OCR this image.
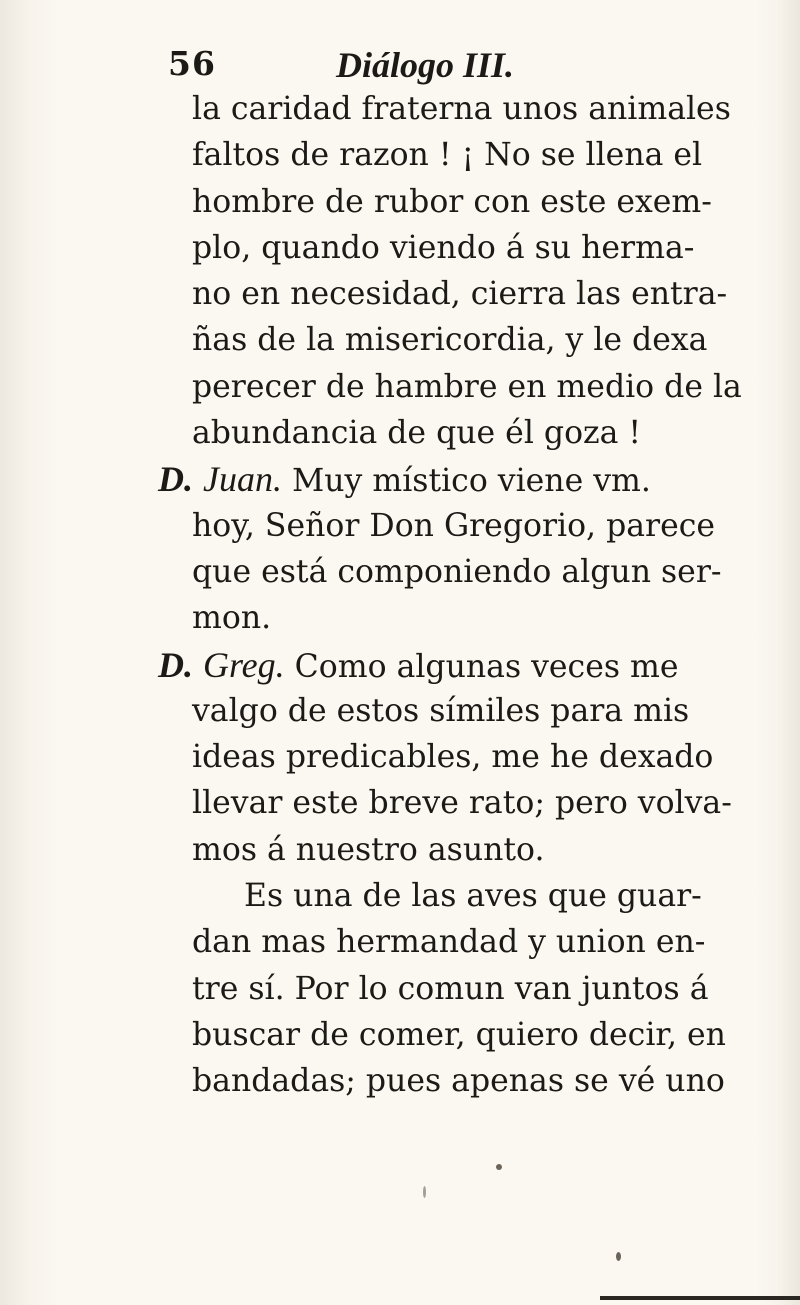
56	Diálogo III.
la caridad fraterna unos animales
faltos de razon ! ¡ No se llena el
hombre de rubor con este exem-
plo, quando viendo á su herma-
no en necesidad, cierra las entra-
ñas de la misericordia, y le dexa
perecer de hambre en medio de la
abundancia de que él goza !
D. Juan. Muy místico viene vm.
hoy, Señor Don Gregorio, parece
que está componiendo algun ser-
mon.
D. Greg. Como algunas veces me
valgo de estos símiles para mis
ideas predicables, me he dexado
llevar este breve rato; pero volva-
mos á nuestro asunto.
Es una de las aves que guar-
dan mas hermandad y union en-
tre sí. Por lo comun van juntos á
buscar de comer, quiero decir, en
bandadas; pues apenas se vé uno
